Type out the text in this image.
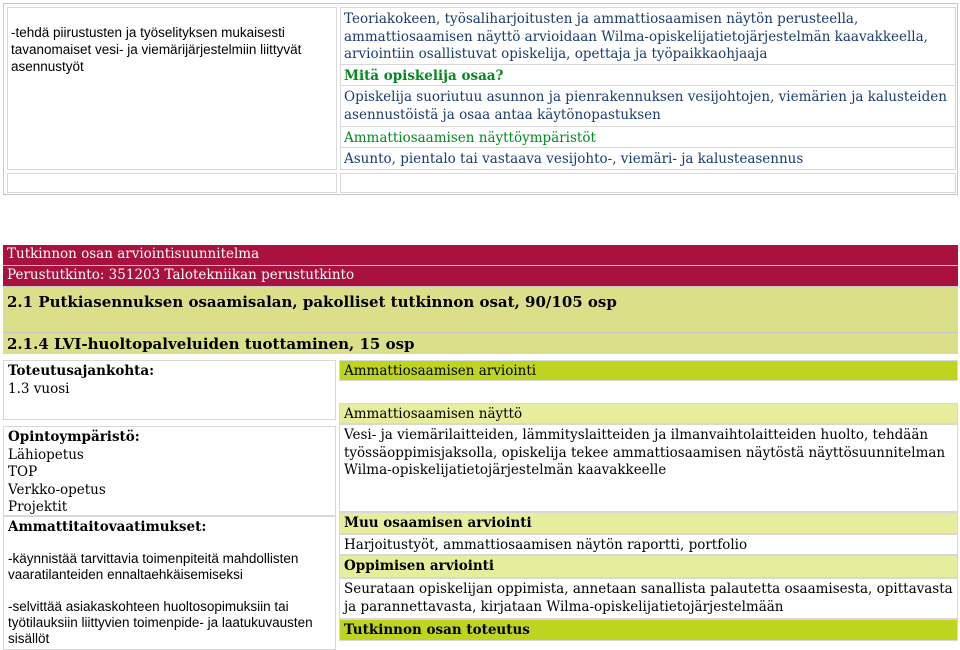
-tehdä piirustusten ja työselityksen mukaisesti tavanomaiset vesi- ja viemärijärjestelmiin liittyvät asennustyöt
Teoriakokeen, työsaliharjoitusten ja ammattiosaamisen näytön perusteella, ammattiosaamisen näyttö arvioidaan Wilma-opiskelijatietojärjestelmän kaavakkeella, arviointiin osallistuvat opiskelija, opettaja ja työpaikkaohjaaja
Mitä opiskelija osaa?
Opiskelija suoriutuu asunnon ja pienrakennuksen vesijohtojen, viemärien ja kalusteiden asennustöistä ja osaa antaa käytönopastuksen
Ammattiosaamisen näyttöympäristöt
Asunto, pientalo tai vastaava vesijohto-, viemäri- ja kalusteasennus
Tutkinnon osan arviointisuunnitelma
Perustutkinto: 351203 Talotekniikan perustutkinto
2.1 Putkiasennuksen osaamisalan, pakolliset tutkinnon osat, 90/105 osp
2.1.4 LVI-huoltopalveluiden tuottaminen, 15 osp
Toteutusajankohta:
1.3 vuosi
Opintoympäristö:
Lähiopetus
TOP
Verkko-opetus
Projektit
Ammattitaitovaatimukset:
-käynnistää tarvittavia toimenpiteitä mahdollisten vaaratilanteiden ennaltaehkäisemiseksi
-selvittää asiakaskohteen huoltosopimuksiin tai työtilauksiin liittyvien toimenpide- ja laatukuvausten sisällöt
Ammattiosaamisen arviointi
Ammattiosaamisen näyttö
Vesi- ja viemärilaitteiden, lämmityslaitteiden ja ilmanvaihtolaitteiden huolto, tehdään työssäoppimisjaksolla, opiskelija tekee ammattiosaamisen näytöstä näyttösuunnitelman Wilma-opiskelijatietojärjestelmän kaavakkeelle
Muu osaamisen arviointi
Harjoitustyöt, ammattiosaamisen näytön raportti, portfolio
Oppimisen arviointi
Seurataan opiskelijan oppimista, annetaan sanallista palautetta osaamisesta, opittavasta ja parannettavasta, kirjataan Wilma-opiskelijatietojärjestelmään
Tutkinnon osan toteutus
